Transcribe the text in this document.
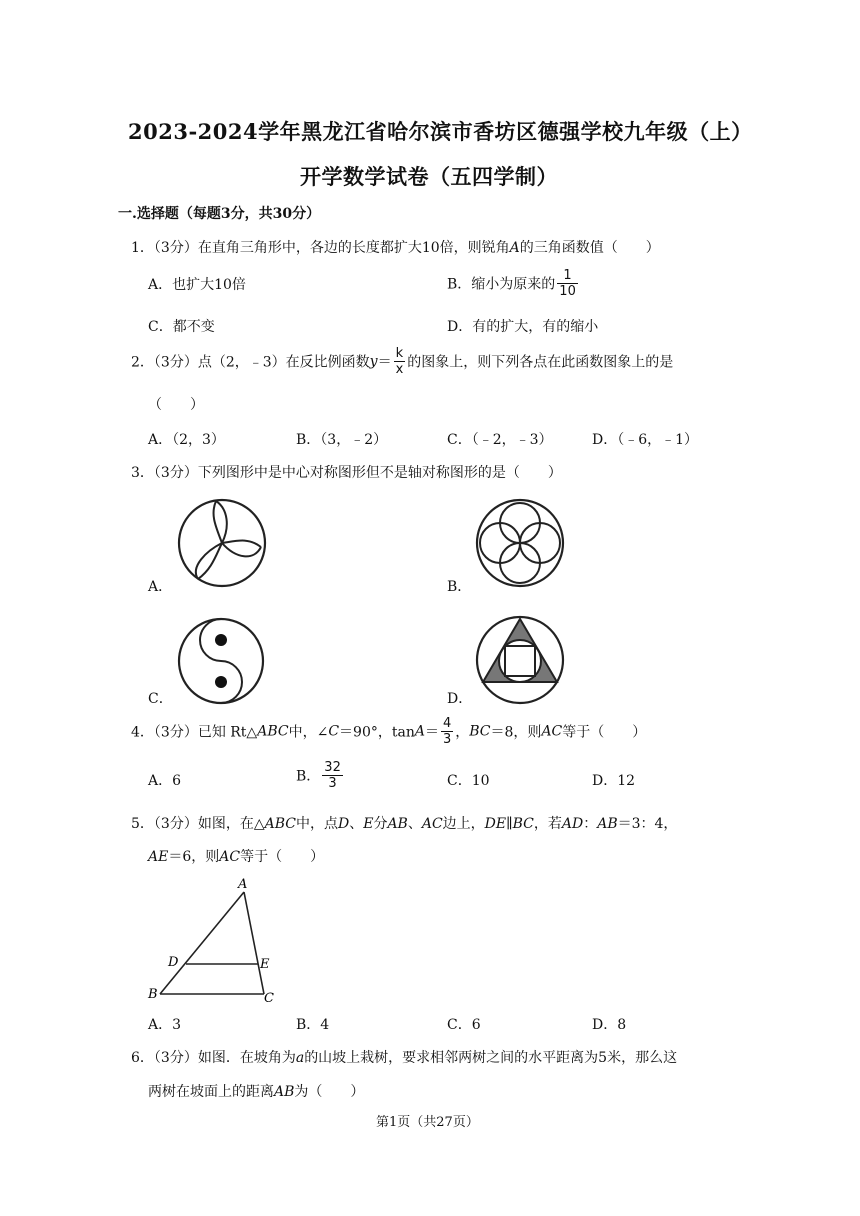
2023-2024学年黑龙江省哈尔滨市香坊区德强学校九年级（上）
开学数学试卷（五四学制）
一.选择题（每题3分，共30分）
1．（3分）在直角三角形中，各边的长度都扩大10倍，则锐角A的三角函数值（　　）
A．也扩大10倍	B．缩小为原来的 $\frac{1}{10}$
C．都不变	D．有的扩大，有的缩小
2．（3分）点（2，﹣3）在反比例函数$y= \frac{k}{x}$ 的图象上，则下列各点在此函数图象上的是
（　　）
A．（2，3）	B．（3，﹣2）	C．（﹣2，﹣3）	D．（﹣6，﹣1）
3．（3分）下列图形中是中心对称图形但不是轴对称图形的是（　　）
A．	B．
C．	D．
4．（3分）已知 Rt△ABC中，∠C＝90°，$\tan A= \frac{4}{3}$ ，BC＝8，则AC等于（　　）
A．6	B． $\frac{32}{3}$	C．10	D．12
5．（3分）如图，在△ABC中，点D、E分AB、AC边上，DE∥BC，若AD：AB＝3：4，
AE＝6，则AC等于（　　）
A
D	E
B	C
A．3	B．4	C．6	D．8
6．（3分）如图．在坡角为a的山坡上栽树，要求相邻两树之间的水平距离为5米，那么这
两树在坡面上的距离AB为（　　）
第1页（共27页）
